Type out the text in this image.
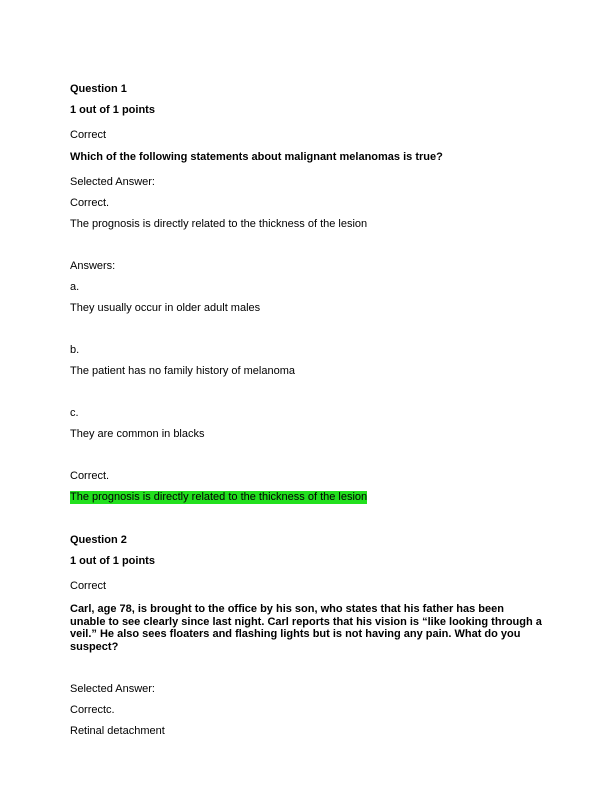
Question 1
1 out of 1 points
Correct
Which of the following statements about malignant melanomas is true?
Selected Answer:
Correct.
The prognosis is directly related to the thickness of the lesion
Answers:
a.
They usually occur in older adult males
b.
The patient has no family history of melanoma
c.
They are common in blacks
Correct.
The prognosis is directly related to the thickness of the lesion
Question 2
1 out of 1 points
Correct
Carl, age 78, is brought to the office by his son, who states that his father has been unable to see clearly since last night. Carl reports that his vision is “like looking through a veil.” He also sees floaters and flashing lights but is not having any pain. What do you suspect?
Selected Answer:
Correctc.
Retinal detachment
